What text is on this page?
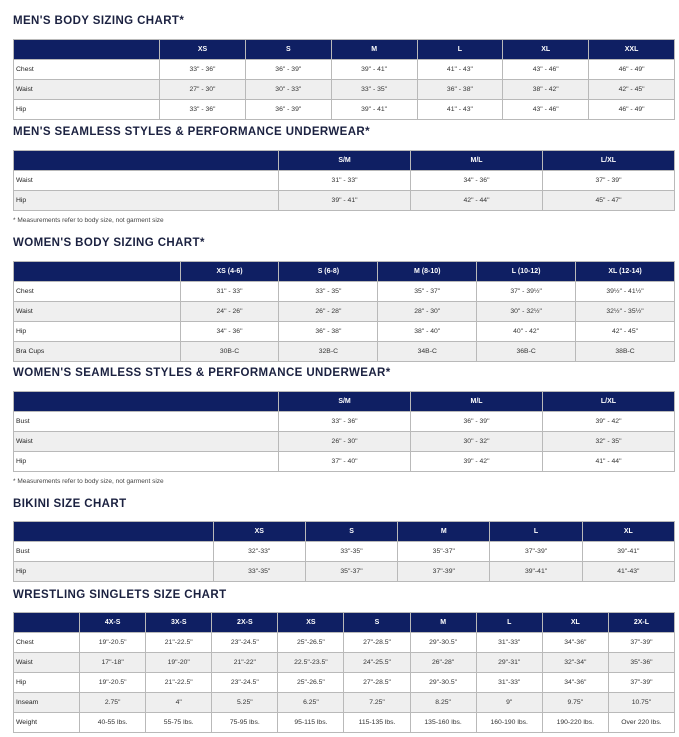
MEN'S BODY SIZING CHART*
	XS	S	M	L	XL	XXL
Chest	33" - 36"	36" - 39"	39" - 41"	41" - 43"	43" - 46"	46" - 49"
Waist	27" - 30"	30" - 33"	33" - 35"	36" - 38"	38" - 42"	42" - 45"
Hip	33" - 36"	36" - 39"	39" - 41"	41" - 43"	43" - 46"	46" - 49"
MEN'S SEAMLESS STYLES & PERFORMANCE UNDERWEAR*
	S/M	M/L	L/XL
Waist	31" - 33"	34" - 36"	37" - 39"
Hip	39" - 41"	42" - 44"	45" - 47"
* Measurements refer to body size, not garment size
WOMEN'S BODY SIZING CHART*
	XS (4-6)	S (6-8)	M (8-10)	L (10-12)	XL (12-14)
Chest	31" - 33"	33" - 35"	35" - 37"	37" - 39½"	39½" - 41½"
Waist	24" - 26"	26" - 28"	28" - 30"	30" - 32½"	32½" - 35½"
Hip	34" - 36"	36" - 38"	38" - 40"	40" - 42"	42" - 45"
Bra Cups	30B-C	32B-C	34B-C	36B-C	38B-C
WOMEN'S SEAMLESS STYLES & PERFORMANCE UNDERWEAR*
	S/M	M/L	L/XL
Bust	33" - 36"	36" - 39"	39" - 42"
Waist	26" - 30"	30" - 32"	32" - 35"
Hip	37" - 40"	39" - 42"	41" - 44"
* Measurements refer to body size, not garment size
BIKINI SIZE CHART
	XS	S	M	L	XL
Bust	32"-33"	33"-35"	35"-37"	37"-39"	39"-41"
Hip	33"-35"	35"-37"	37"-39"	39"-41"	41"-43"
WRESTLING SINGLETS SIZE CHART
	4X-S	3X-S	2X-S	XS	S	M	L	XL	2X-L
Chest	19"-20.5"	21"-22.5"	23"-24.5"	25"-26.5"	27"-28.5"	29"-30.5"	31"-33"	34"-36"	37"-39"
Waist	17"-18"	19"-20"	21"-22"	22.5"-23.5"	24"-25.5"	26"-28"	29"-31"	32"-34"	35"-36"
Hip	19"-20.5"	21"-22.5"	23"-24.5"	25"-26.5"	27"-28.5"	29"-30.5"	31"-33"	34"-36"	37"-39"
Inseam	2.75"	4"	5.25"	6.25"	7.25"	8.25"	9"	9.75"	10.75"
Weight	40-55 lbs.	55-75 lbs.	75-95 lbs.	95-115 lbs.	115-135 lbs.	135-160 lbs.	160-190 lbs.	190-220 lbs.	Over 220 lbs.
